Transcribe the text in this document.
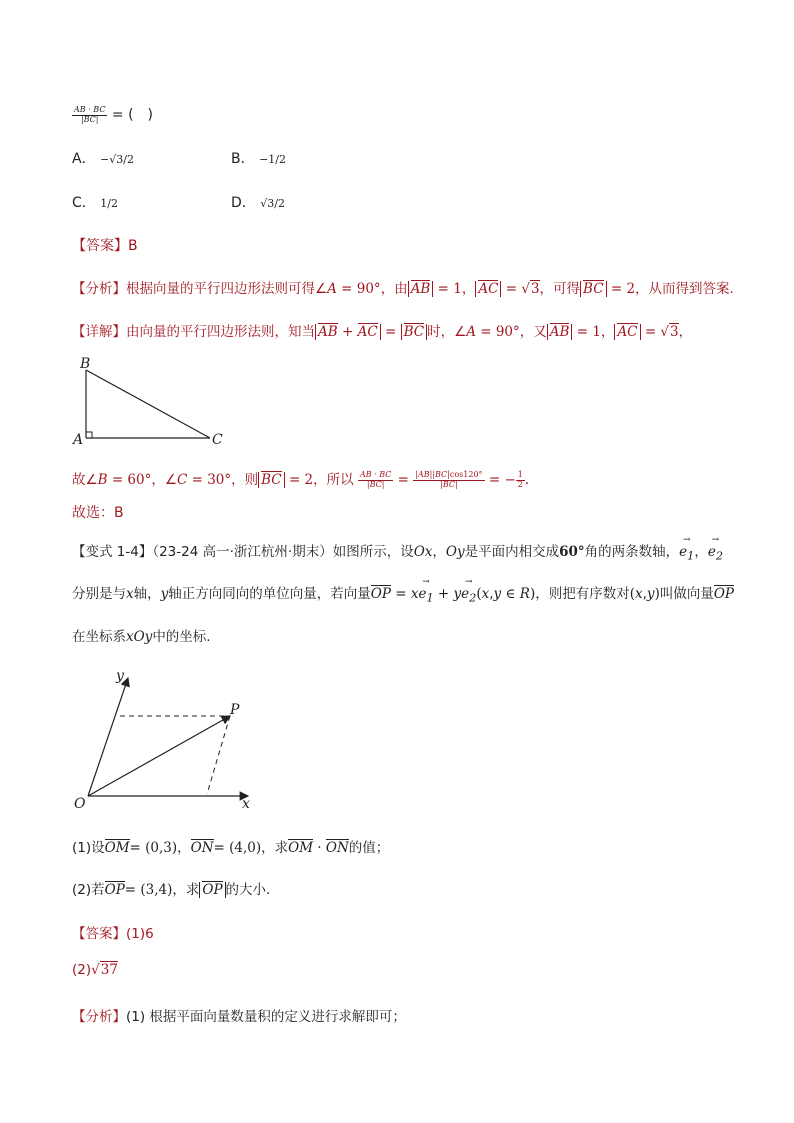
$\frac{AB \cdot BC}{|BC|}$ = (　)
A． −√3/2	B． −1/2
C． 1/2	D． √3/2
【答案】B
【分析】根据向量的平行四边形法则可得∠A = 90°，由 AB = 1， AC = √3，可得 BC = 2，从而得到答案.
【详解】由向量的平行四边形法则，知当 AB + AC = BC 时，∠A = 90°，又 AB = 1， AC = √3，
B
A	C
故∠B = 60°，∠C = 30°，则 BC = 2，所以 $\frac{AB \cdot BC}{|BC|} = \frac{|AB||BC|\cos 120^\circ}{|BC|}$ = − $\frac{1}{2}$ .
故选：B
【变式 1-4】（23-24 高一·浙江杭州·期末）如图所示，设Ox，Oy是平面内相交成60°角的两条数轴，→ $e_1$，→ $e_2$
分别是与x轴，y轴正方向同向的单位向量，若向量OP = $x\to e_1 + y\to e_2(x,y$ ∈ R)，则把有序数对(x,y)叫做向量OP
在坐标系xOy中的坐标.
y
P
O	x
(1)设OM= (0,3)，ON= (4,0)，求OM · ON的值；
(2)若OP= (3,4)，求 OP 的大小.
【答案】(1)6
(2)√37
【分析】(1) 根据平面向量数量积的定义进行求解即可；
